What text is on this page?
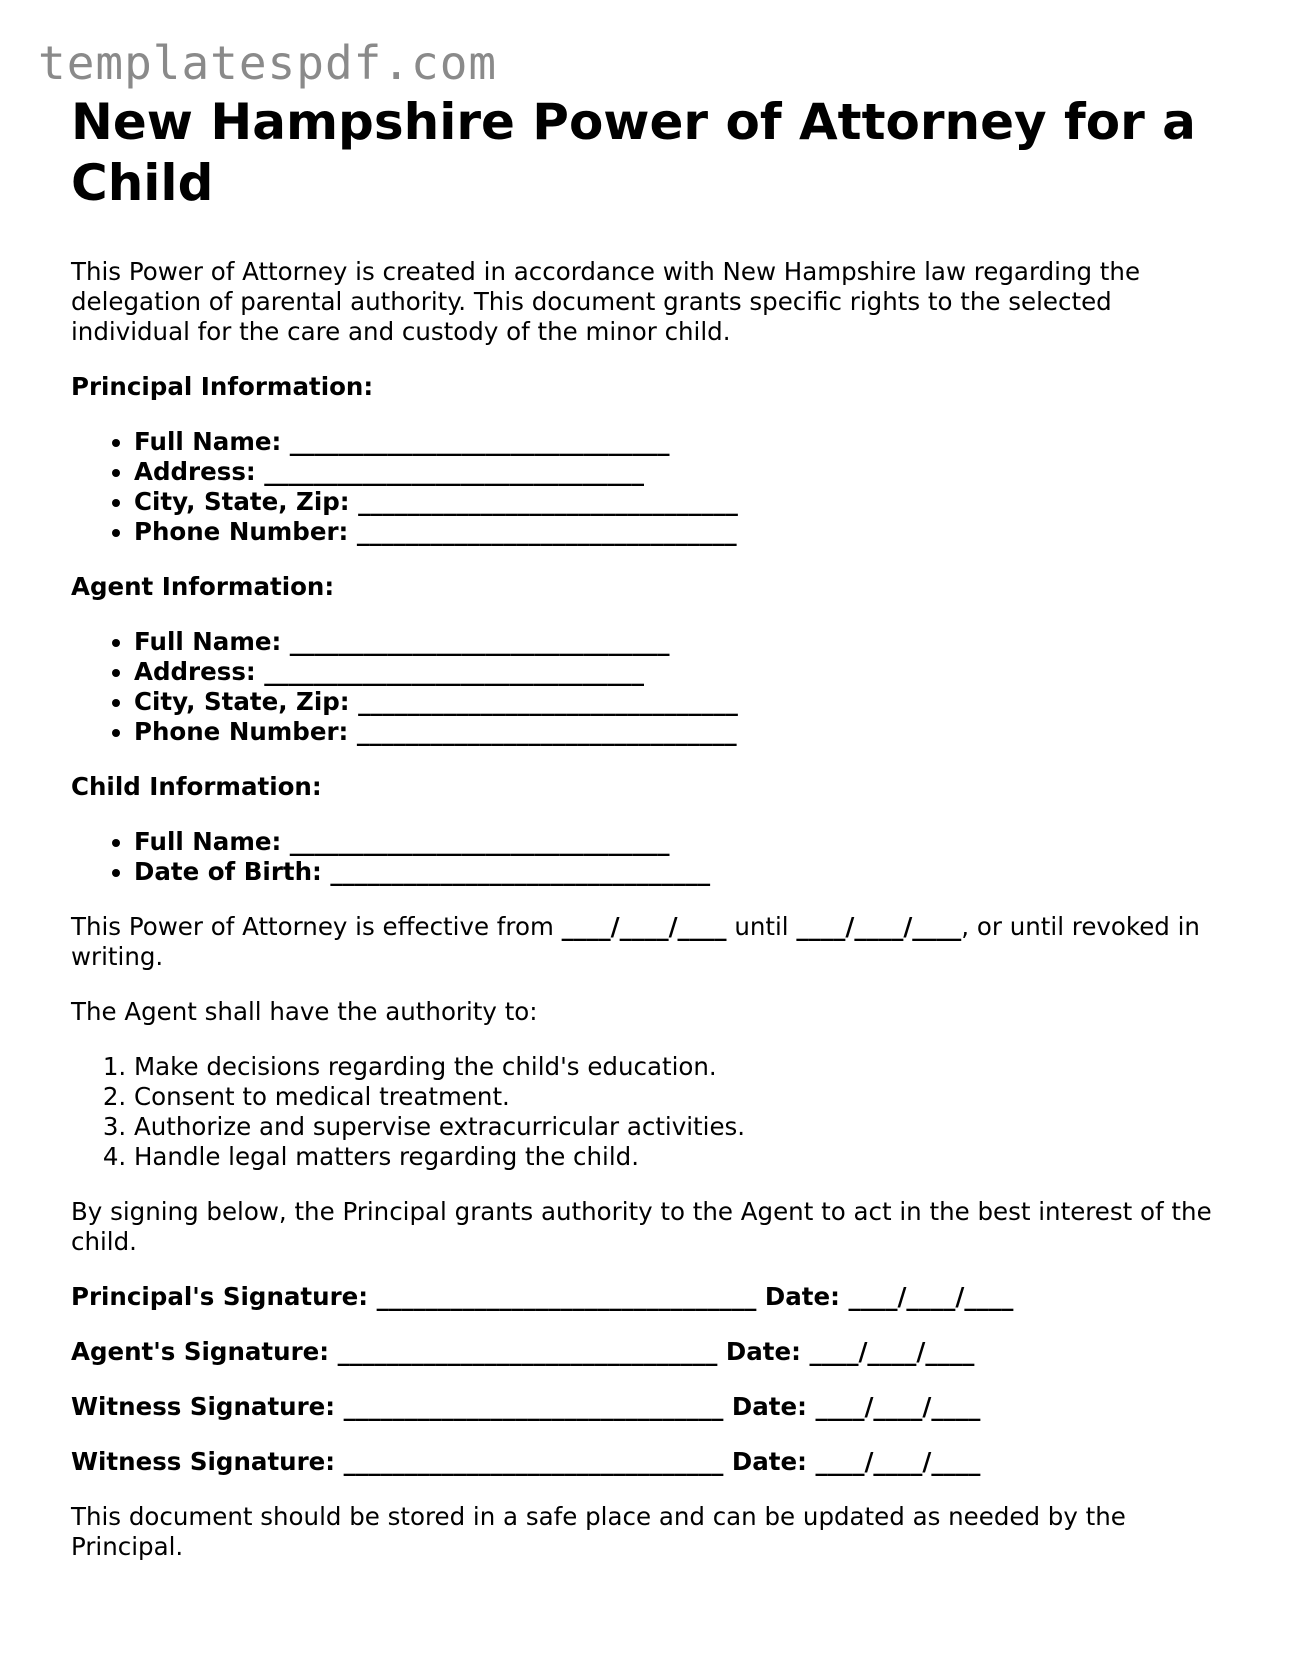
templatespdf.com
New Hampshire Power of Attorney for a Child

This Power of Attorney is created in accordance with New Hampshire law regarding the delegation of parental authority. This document grants specific rights to the selected individual for the care and custody of the minor child.

Principal Information:

• Full Name: _______________________________
• Address: _______________________________
• City, State, Zip: _______________________________
• Phone Number: _______________________________

Agent Information:

• Full Name: _______________________________
• Address: _______________________________
• City, State, Zip: _______________________________
• Phone Number: _______________________________

Child Information:

• Full Name: _______________________________
• Date of Birth: _______________________________

This Power of Attorney is effective from ____/____/____ until ____/____/____, or until revoked in writing.

The Agent shall have the authority to:

1. Make decisions regarding the child's education.
2. Consent to medical treatment.
3. Authorize and supervise extracurricular activities.
4. Handle legal matters regarding the child.

By signing below, the Principal grants authority to the Agent to act in the best interest of the child.

Principal's Signature: _______________________________ Date: ____/____/____

Agent's Signature: _______________________________ Date: ____/____/____

Witness Signature: _______________________________ Date: ____/____/____

Witness Signature: _______________________________ Date: ____/____/____

This document should be stored in a safe place and can be updated as needed by the Principal.
